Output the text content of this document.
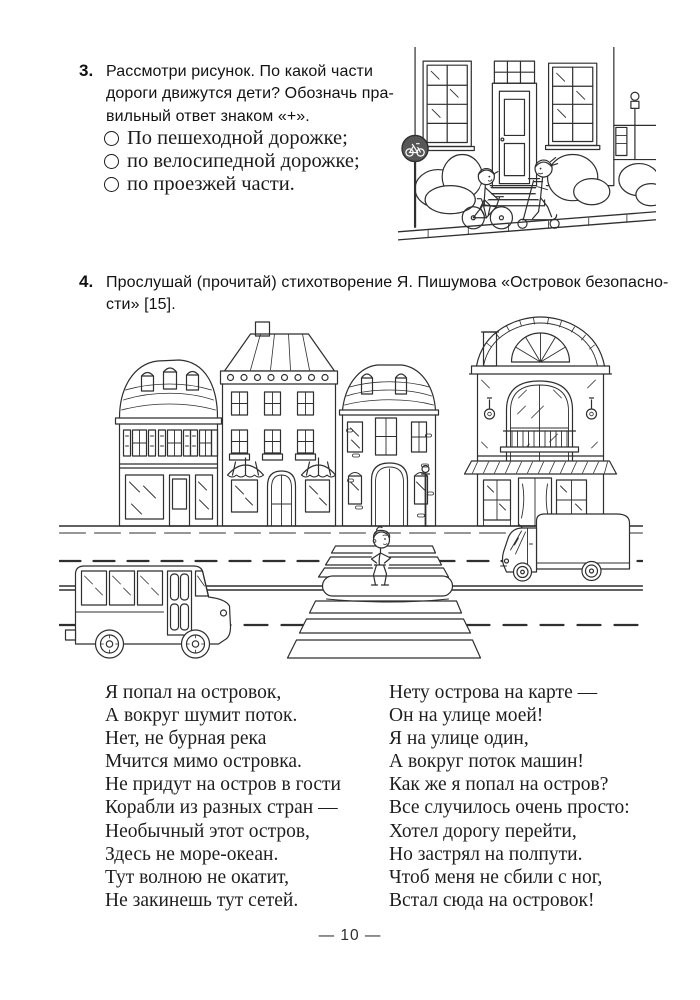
3. Рассмотри рисунок. По какой части
дороги движутся дети? Обозначь пра-
вильный ответ знаком «+».
По пешеходной дорожке;
по велосипедной дорожке;
по проезжей части.
4. Прослушай (прочитай) стихотворение Я. Пишумова «Островок безопасно-
сти» [15].
Я попал на островок,
А вокруг шумит поток.
Нет, не бурная река
Мчится мимо островка.
Не придут на остров в гости
Корабли из разных стран —
Необычный этот остров,
Здесь не море-океан.
Тут волною не окатит,
Не закинешь тут сетей.
Нету острова на карте —
Он на улице моей!
Я на улице один,
А вокруг поток машин!
Как же я попал на остров?
Все случилось очень просто:
Хотел дорогу перейти,
Но застрял на полпути.
Чтоб меня не сбили с ног,
Встал сюда на островок!
— 10 —
